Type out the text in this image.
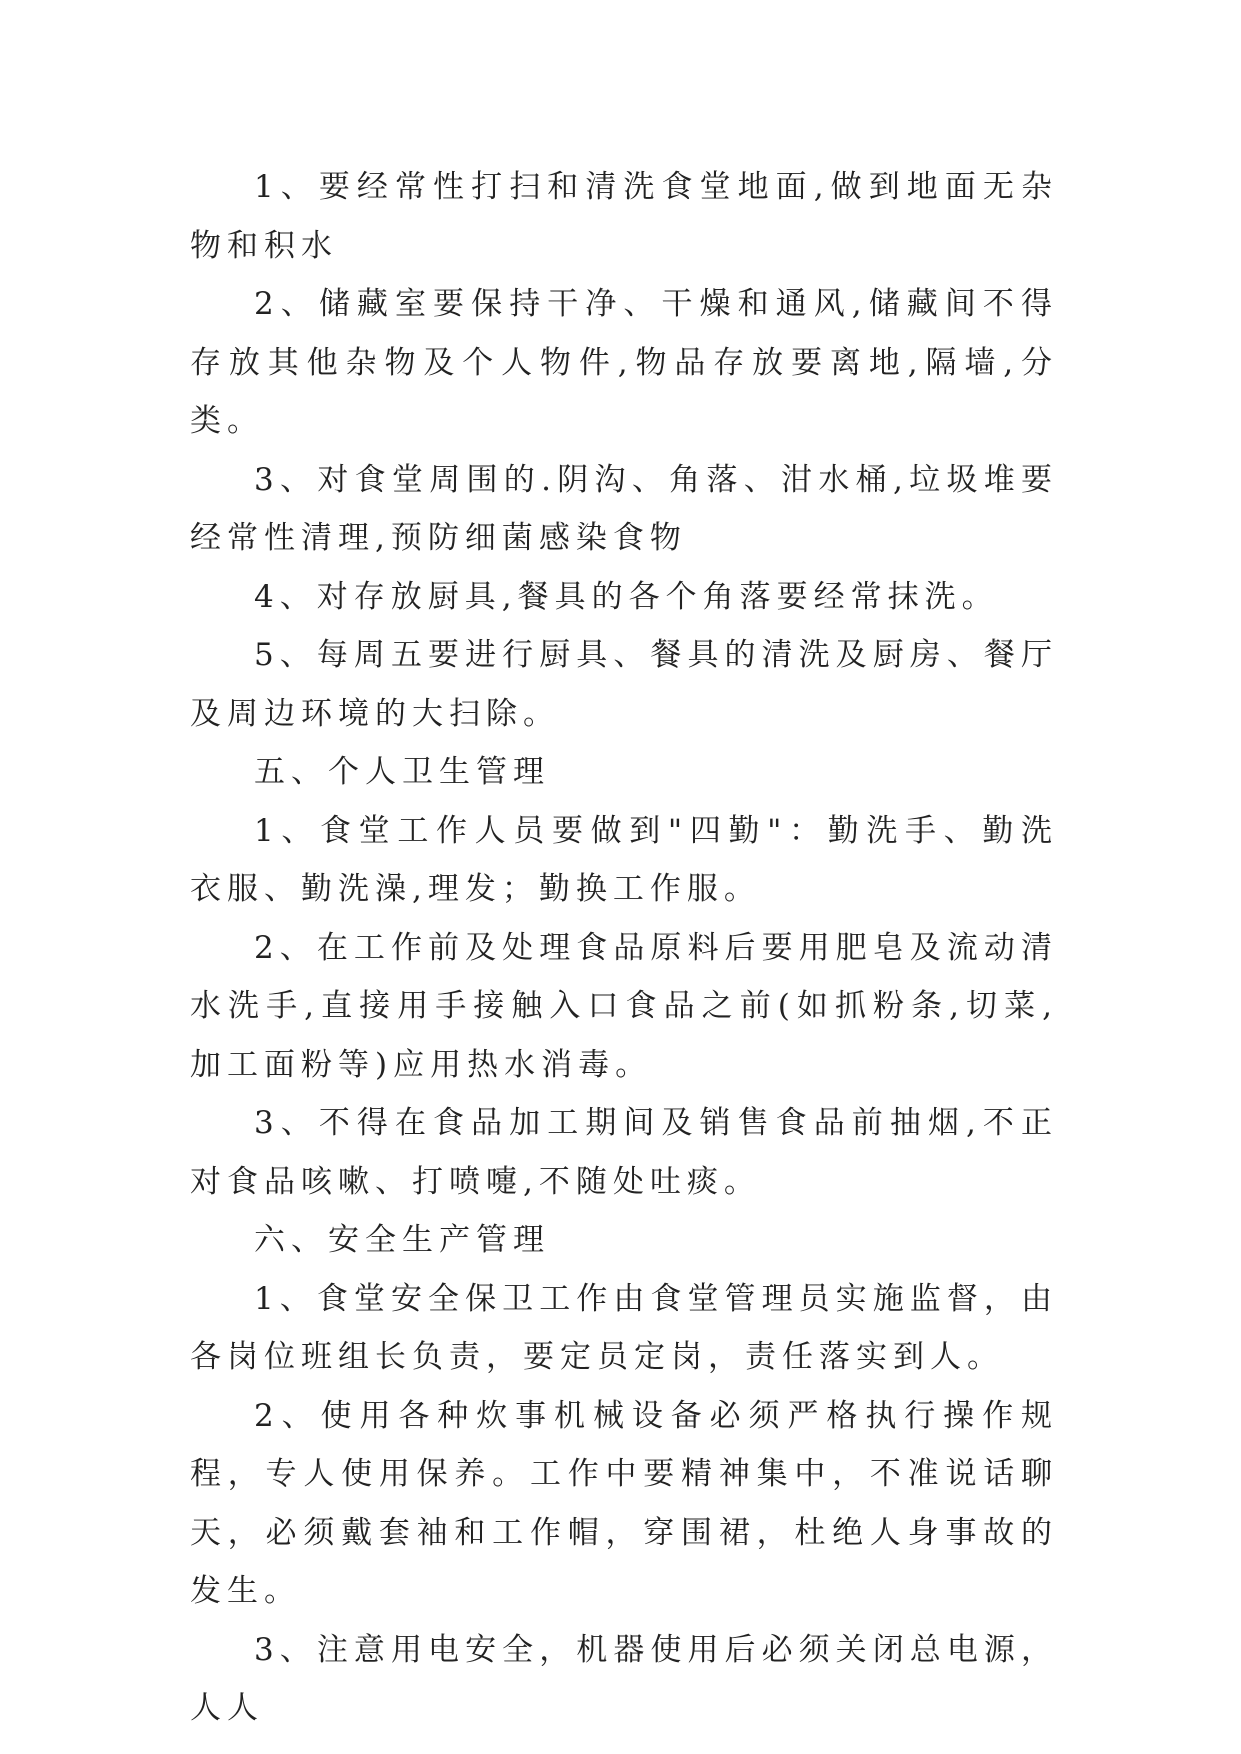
1、要经常性打扫和清洗食堂地面,做到地面无杂物和积水

2、储藏室要保持干净、干燥和通风,储藏间不得存放其他杂物及个人物件,物品存放要离地,隔墙,分类。

3、对食堂周围的.阴沟、角落、泔水桶,垃圾堆要经常性清理,预防细菌感染食物

4、对存放厨具,餐具的各个角落要经常抹洗。

5、每周五要进行厨具、餐具的清洗及厨房、餐厅及周边环境的大扫除。

五、个人卫生管理

1、食堂工作人员要做到"四勤"：勤洗手、勤洗衣服、勤洗澡,理发；勤换工作服。

2、在工作前及处理食品原料后要用肥皂及流动清水洗手,直接用手接触入口食品之前(如抓粉条,切菜,加工面粉等)应用热水消毒。

3、不得在食品加工期间及销售食品前抽烟,不正对食品咳嗽、打喷嚏,不随处吐痰。

六、安全生产管理

1、食堂安全保卫工作由食堂管理员实施监督，由各岗位班组长负责，要定员定岗，责任落实到人。

2、使用各种炊事机械设备必须严格执行操作规程，专人使用保养。工作中要精神集中，不准说话聊天，必须戴套袖和工作帽，穿围裙，杜绝人身事故的发生。

3、注意用电安全，机器使用后必须关闭总电源，人人
